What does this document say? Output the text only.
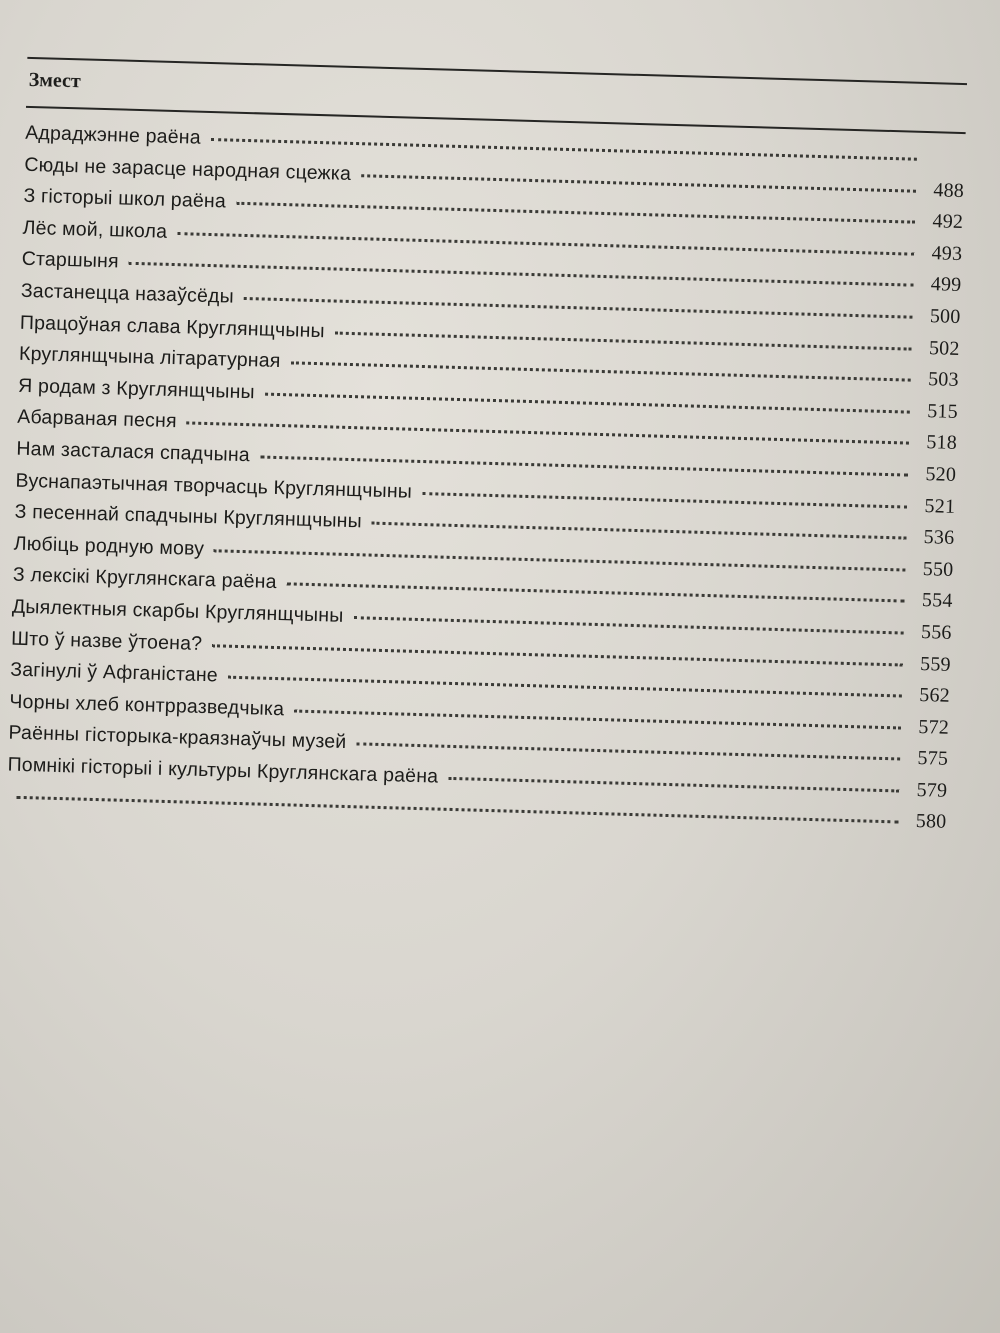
Змест
Адраджэнне раёна
Сюды не зарасце народная сцежка
488
З гісторыі школ раёна
492
Лёс мой, школа
493
Старшыня
499
Застанецца назаўсёды
500
Працоўная слава Круглянщчыны
502
Круглянщчына літаратурная
503
Я родам з Круглянщчыны
515
Абарваная песня
518
Нам засталася спадчына
520
Вуснапаэтычная творчасць Круглянщчыны
521
З песеннай спадчыны Круглянщчыны
536
Любіць родную мову
550
З лексікі Круглянскага раёна
554
Дыялектныя скарбы Круглянщчыны
556
Што ў назве ўтоена?
559
Загінулі ў Афганістане
562
Чорны хлеб контрразведчыка
572
Раённы гісторыка-краязнаўчы музей
575
Помнікі гісторыі і культуры Круглянскага раёна
579
580
